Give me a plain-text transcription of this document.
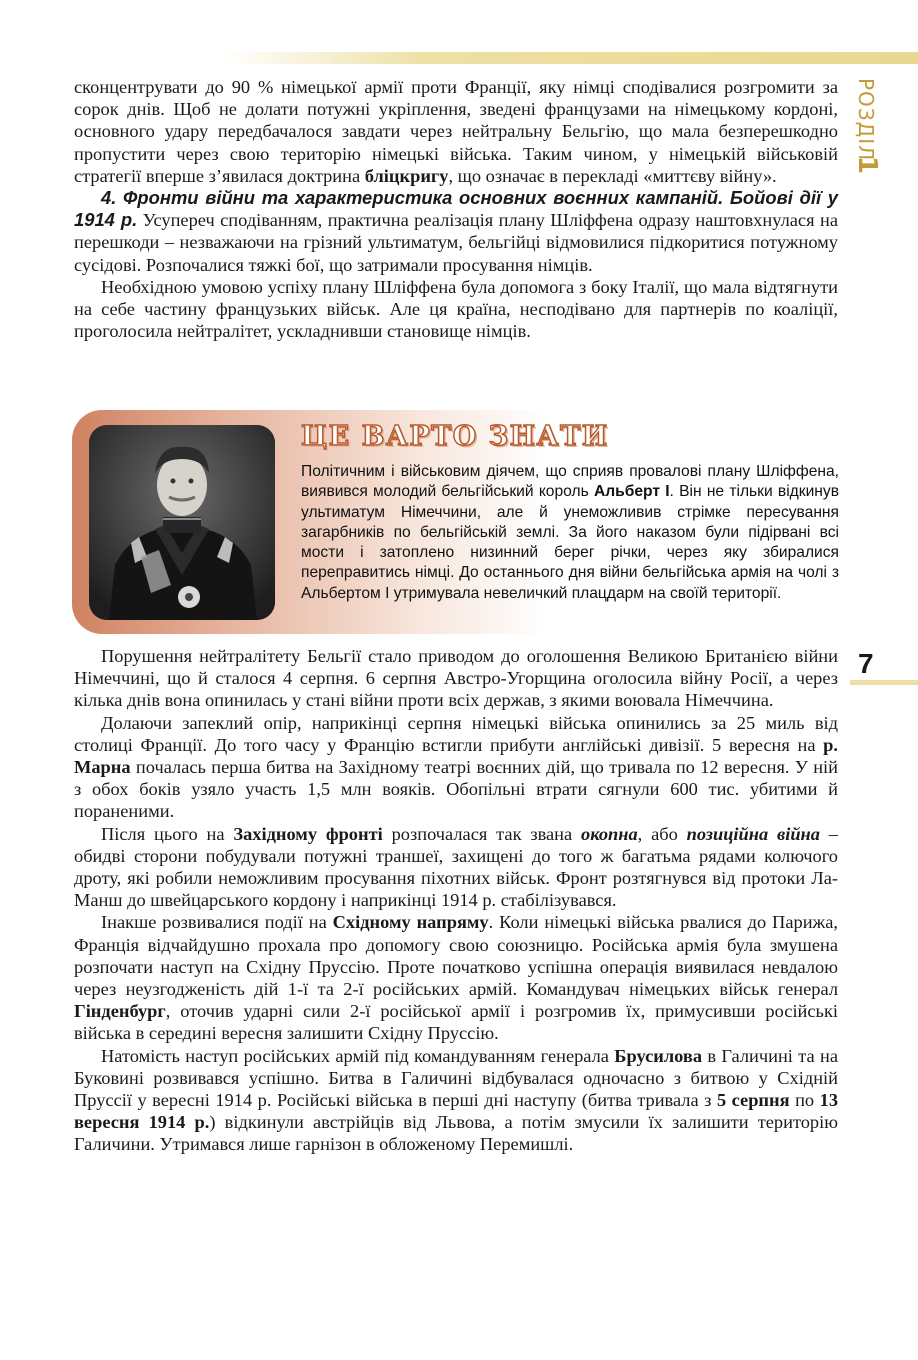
РОЗДІЛ
1
7

сконцентрувати до 90 % німецької армії проти Франції, яку німці сподівалися розгромити за сорок днів. Щоб не долати потужні укріплення, зведені французами на німецькому кордоні, основного удару передбачалося завдати через нейтральну Бельгію, що мала безперешкодно пропустити через свою територію німецькі війська. Таким чином, у німецькій військовій стратегії вперше з’явилася доктрина бліцкригу, що означає в перекладі «миттєву війну».

4. Фронти війни та характеристика основних воєнних кампаній. Бойові дії у 1914 р. Усупереч сподіванням, практична реалізація плану Шліффена одразу наштовхнулася на перешкоди – незважаючи на грізний ультиматум, бельгійці відмовилися підкоритися потужному сусідові. Розпочалися тяжкі бої, що затримали просування німців.

Необхідною умовою успіху плану Шліффена була допомога з боку Італії, що мала відтягнути на себе частину французьких військ. Але ця країна, несподівано для партнерів по коаліції, проголосила нейтралітет, ускладнивши становище німців.

ЦЕ ВАРТО ЗНАТИ
Політичним і військовим діячем, що сприяв провалові плану Шліффена, виявився молодий бельгійський король Альберт I. Він не тільки відкинув ультиматум Німеччини, але й унеможливив стрімке пересування загарбників по бельгійській землі. За його наказом були підірвані всі мости і затоплено низинний берег річки, через яку збиралися переправитись німці. До останнього дня війни бельгійська армія на чолі з Альбертом I утримувала невеличкий плацдарм на своїй території.

Порушення нейтралітету Бельгії стало приводом до оголошення Великою Британією війни Німеччині, що й сталося 4 серпня. 6 серпня Австро-Угорщина оголосила війну Росії, а через кілька днів вона опинилась у стані війни проти всіх держав, з якими воювала Німеччина.

Долаючи запеклий опір, наприкінці серпня німецькі війська опинились за 25 миль від столиці Франції. До того часу у Францію встигли прибути англійські дивізії. 5 вересня на р. Марна почалась перша битва на Західному театрі воєнних дій, що тривала по 12 вересня. У ній з обох боків узяло участь 1,5 млн вояків. Обопільні втрати сягнули 600 тис. убитими й пораненими.

Після цього на Західному фронті розпочалася так звана окопна, або позиційна війна – обидві сторони побудували потужні траншеї, захищені до того ж багатьма рядами колючого дроту, які робили неможливим просування піхотних військ. Фронт розтягнувся від протоки Ла-Манш до швейцарського кордону і наприкінці 1914 р. стабілізувався.

Інакше розвивалися події на Східному напряму. Коли німецькі війська рвалися до Парижа, Франція відчайдушно прохала про допомогу свою союзницю. Російська армія була змушена розпочати наступ на Східну Пруссію. Проте початково успішна операція виявилася невдалою через неузгодженість дій 1-ї та 2-ї російських армій. Командувач німецьких військ генерал Гінденбург, оточив ударні сили 2-ї російської армії і розгромив їх, примусивши російські війська в середині вересня залишити Східну Пруссію.

Натомість наступ російських армій під командуванням генерала Брусилова в Галичині та на Буковині розвивався успішно. Битва в Галичині відбувалася одночасно з битвою у Східній Пруссії у вересні 1914 р. Російські війська в перші дні наступу (битва тривала з 5 серпня по 13 вересня 1914 р.) відкинули австрійців від Львова, а потім змусили їх залишити територію Галичини. Утримався лише гарнізон в обложеному Перемишлі.
